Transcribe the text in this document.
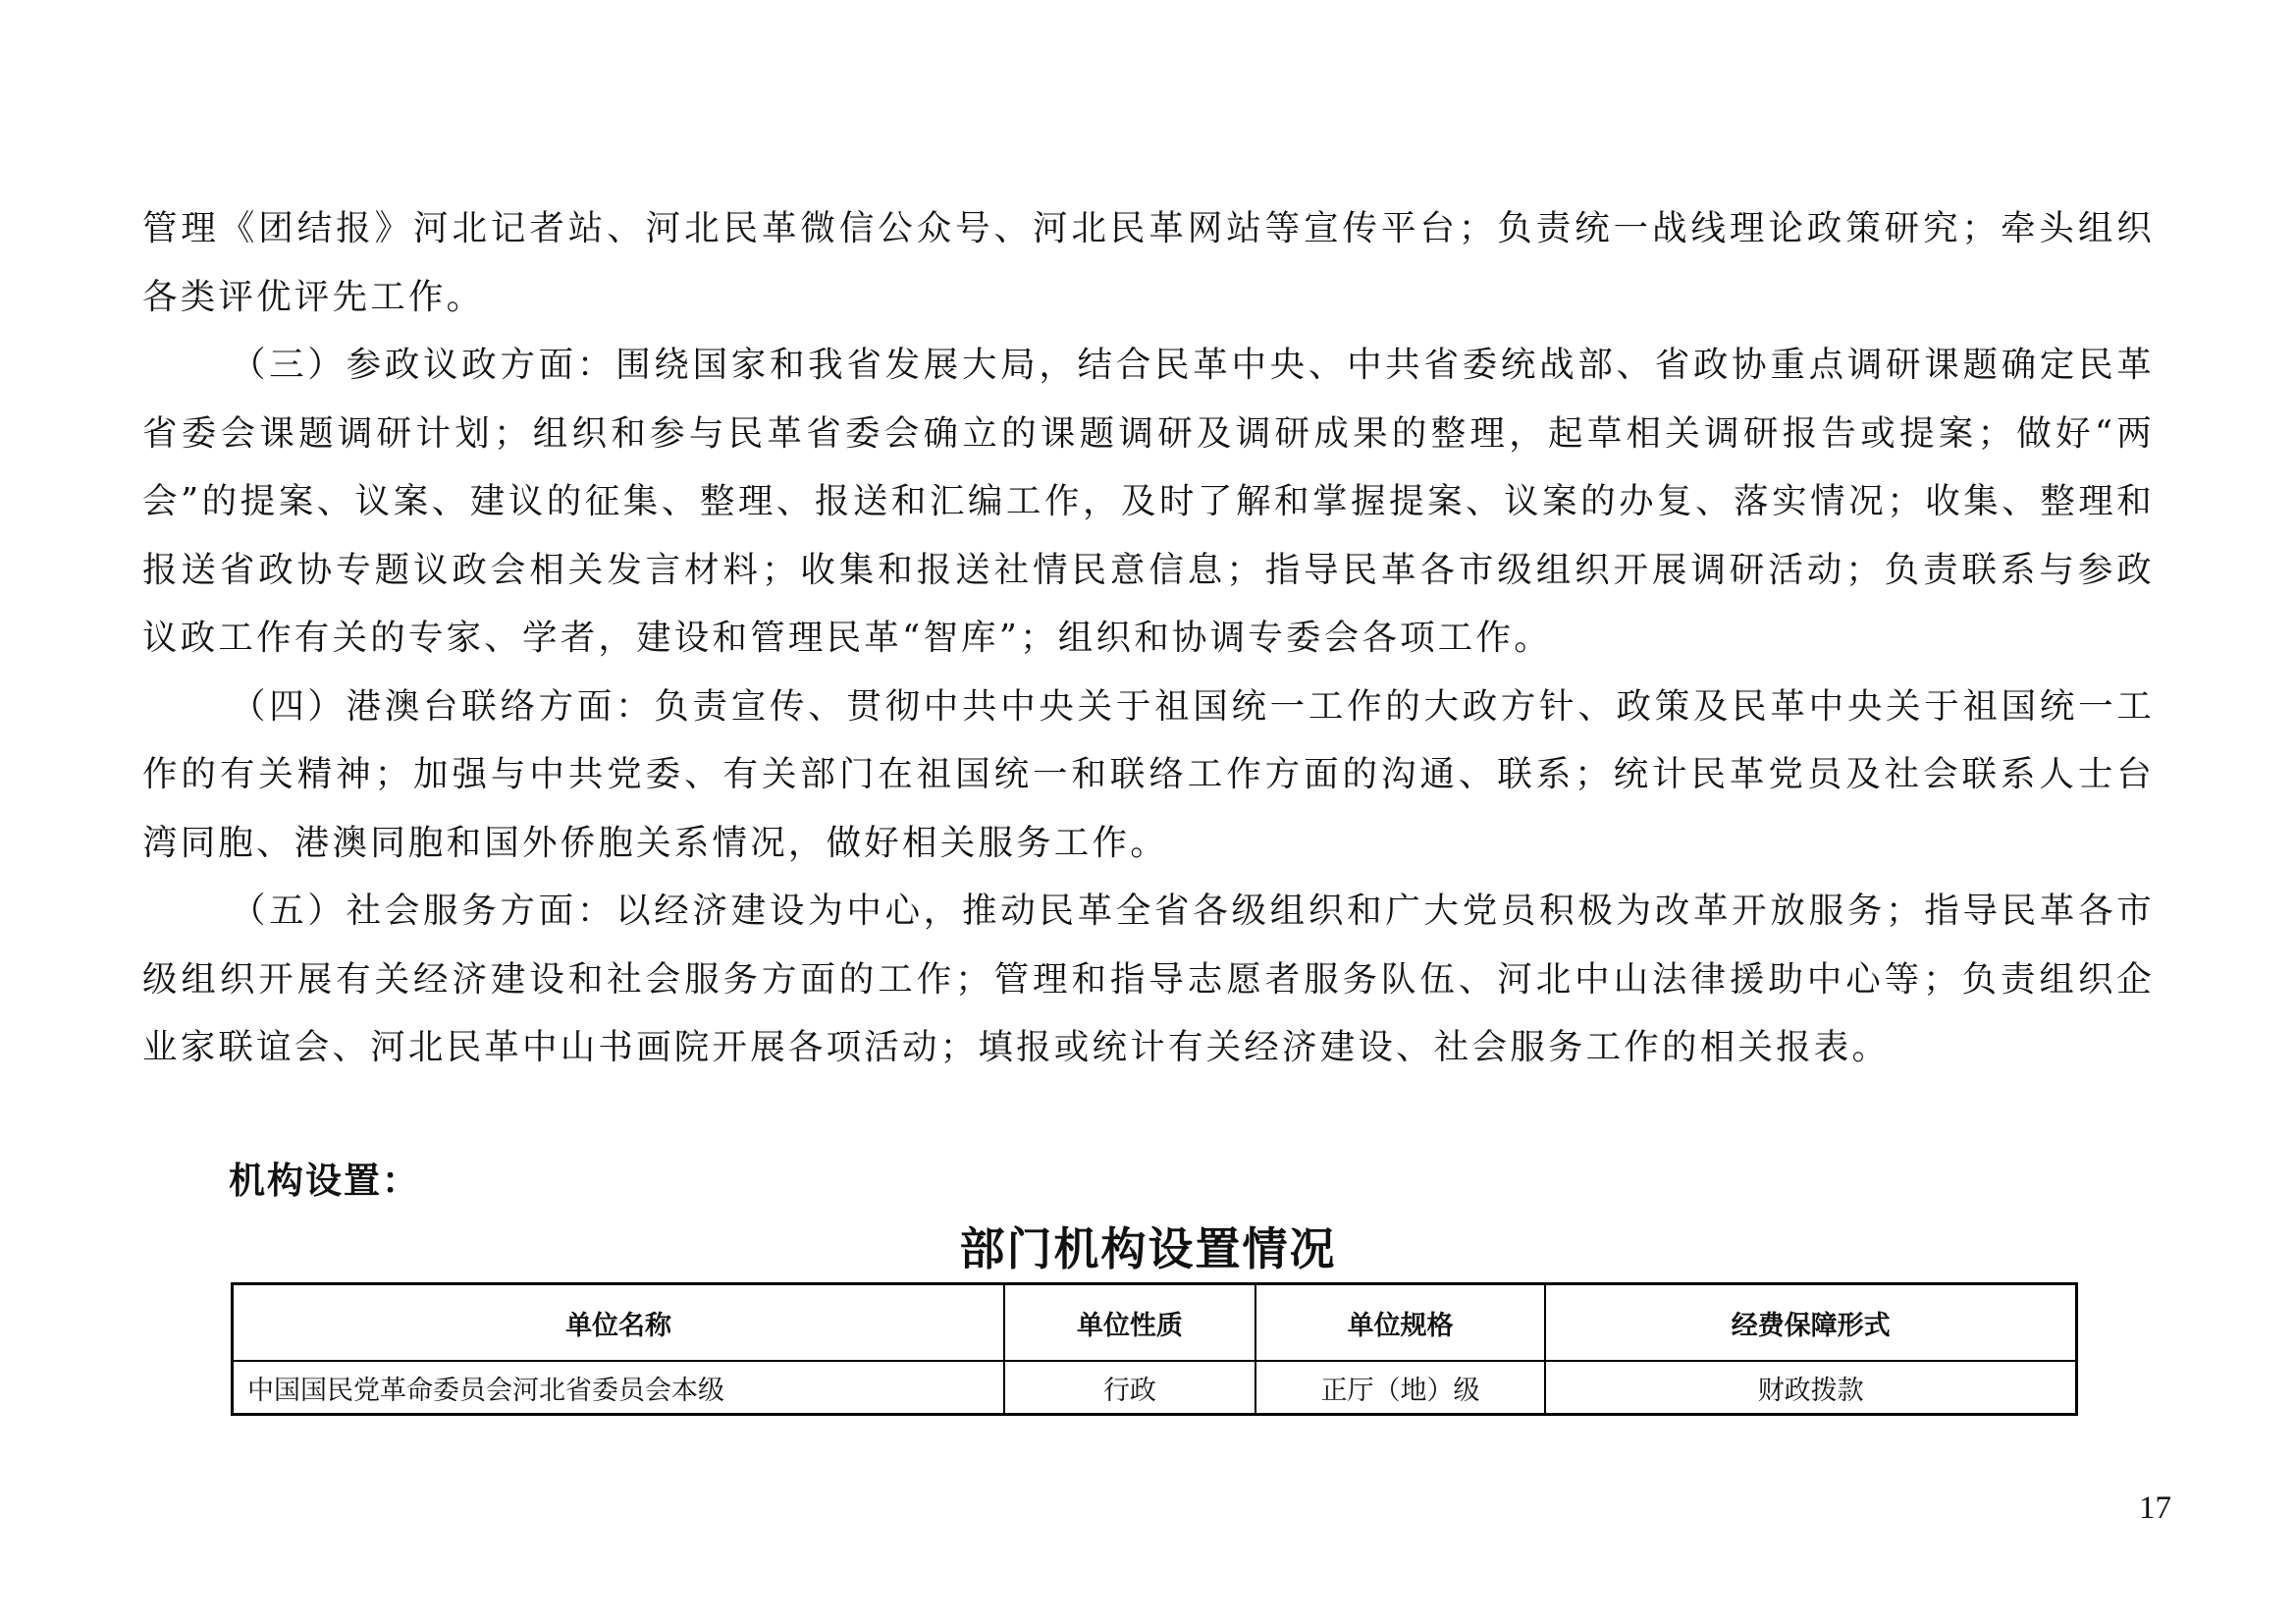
管理《团结报》河北记者站、河北民革微信公众号、河北民革网站等宣传平台；负责统一战线理论政策研究；牵头组织各类评优评先工作。

（三）参政议政方面：围绕国家和我省发展大局，结合民革中央、中共省委统战部、省政协重点调研课题确定民革省委会课题调研计划；组织和参与民革省委会确立的课题调研及调研成果的整理，起草相关调研报告或提案；做好“两会”的提案、议案、建议的征集、整理、报送和汇编工作，及时了解和掌握提案、议案的办复、落实情况；收集、整理和报送省政协专题议政会相关发言材料；收集和报送社情民意信息；指导民革各市级组织开展调研活动；负责联系与参政议政工作有关的专家、学者，建设和管理民革“智库”；组织和协调专委会各项工作。

（四）港澳台联络方面：负责宣传、贯彻中共中央关于祖国统一工作的大政方针、政策及民革中央关于祖国统一工作的有关精神；加强与中共党委、有关部门在祖国统一和联络工作方面的沟通、联系；统计民革党员及社会联系人士台湾同胞、港澳同胞和国外侨胞关系情况，做好相关服务工作。

（五）社会服务方面：以经济建设为中心，推动民革全省各级组织和广大党员积极为改革开放服务；指导民革各市级组织开展有关经济建设和社会服务方面的工作；管理和指导志愿者服务队伍、河北中山法律援助中心等；负责组织企业家联谊会、河北民革中山书画院开展各项活动；填报或统计有关经济建设、社会服务工作的相关报表。

机构设置：
部门机构设置情况
单位名称	单位性质	单位规格	经费保障形式
中国国民党革命委员会河北省委员会本级	行政	正厅（地）级	财政拨款

17
